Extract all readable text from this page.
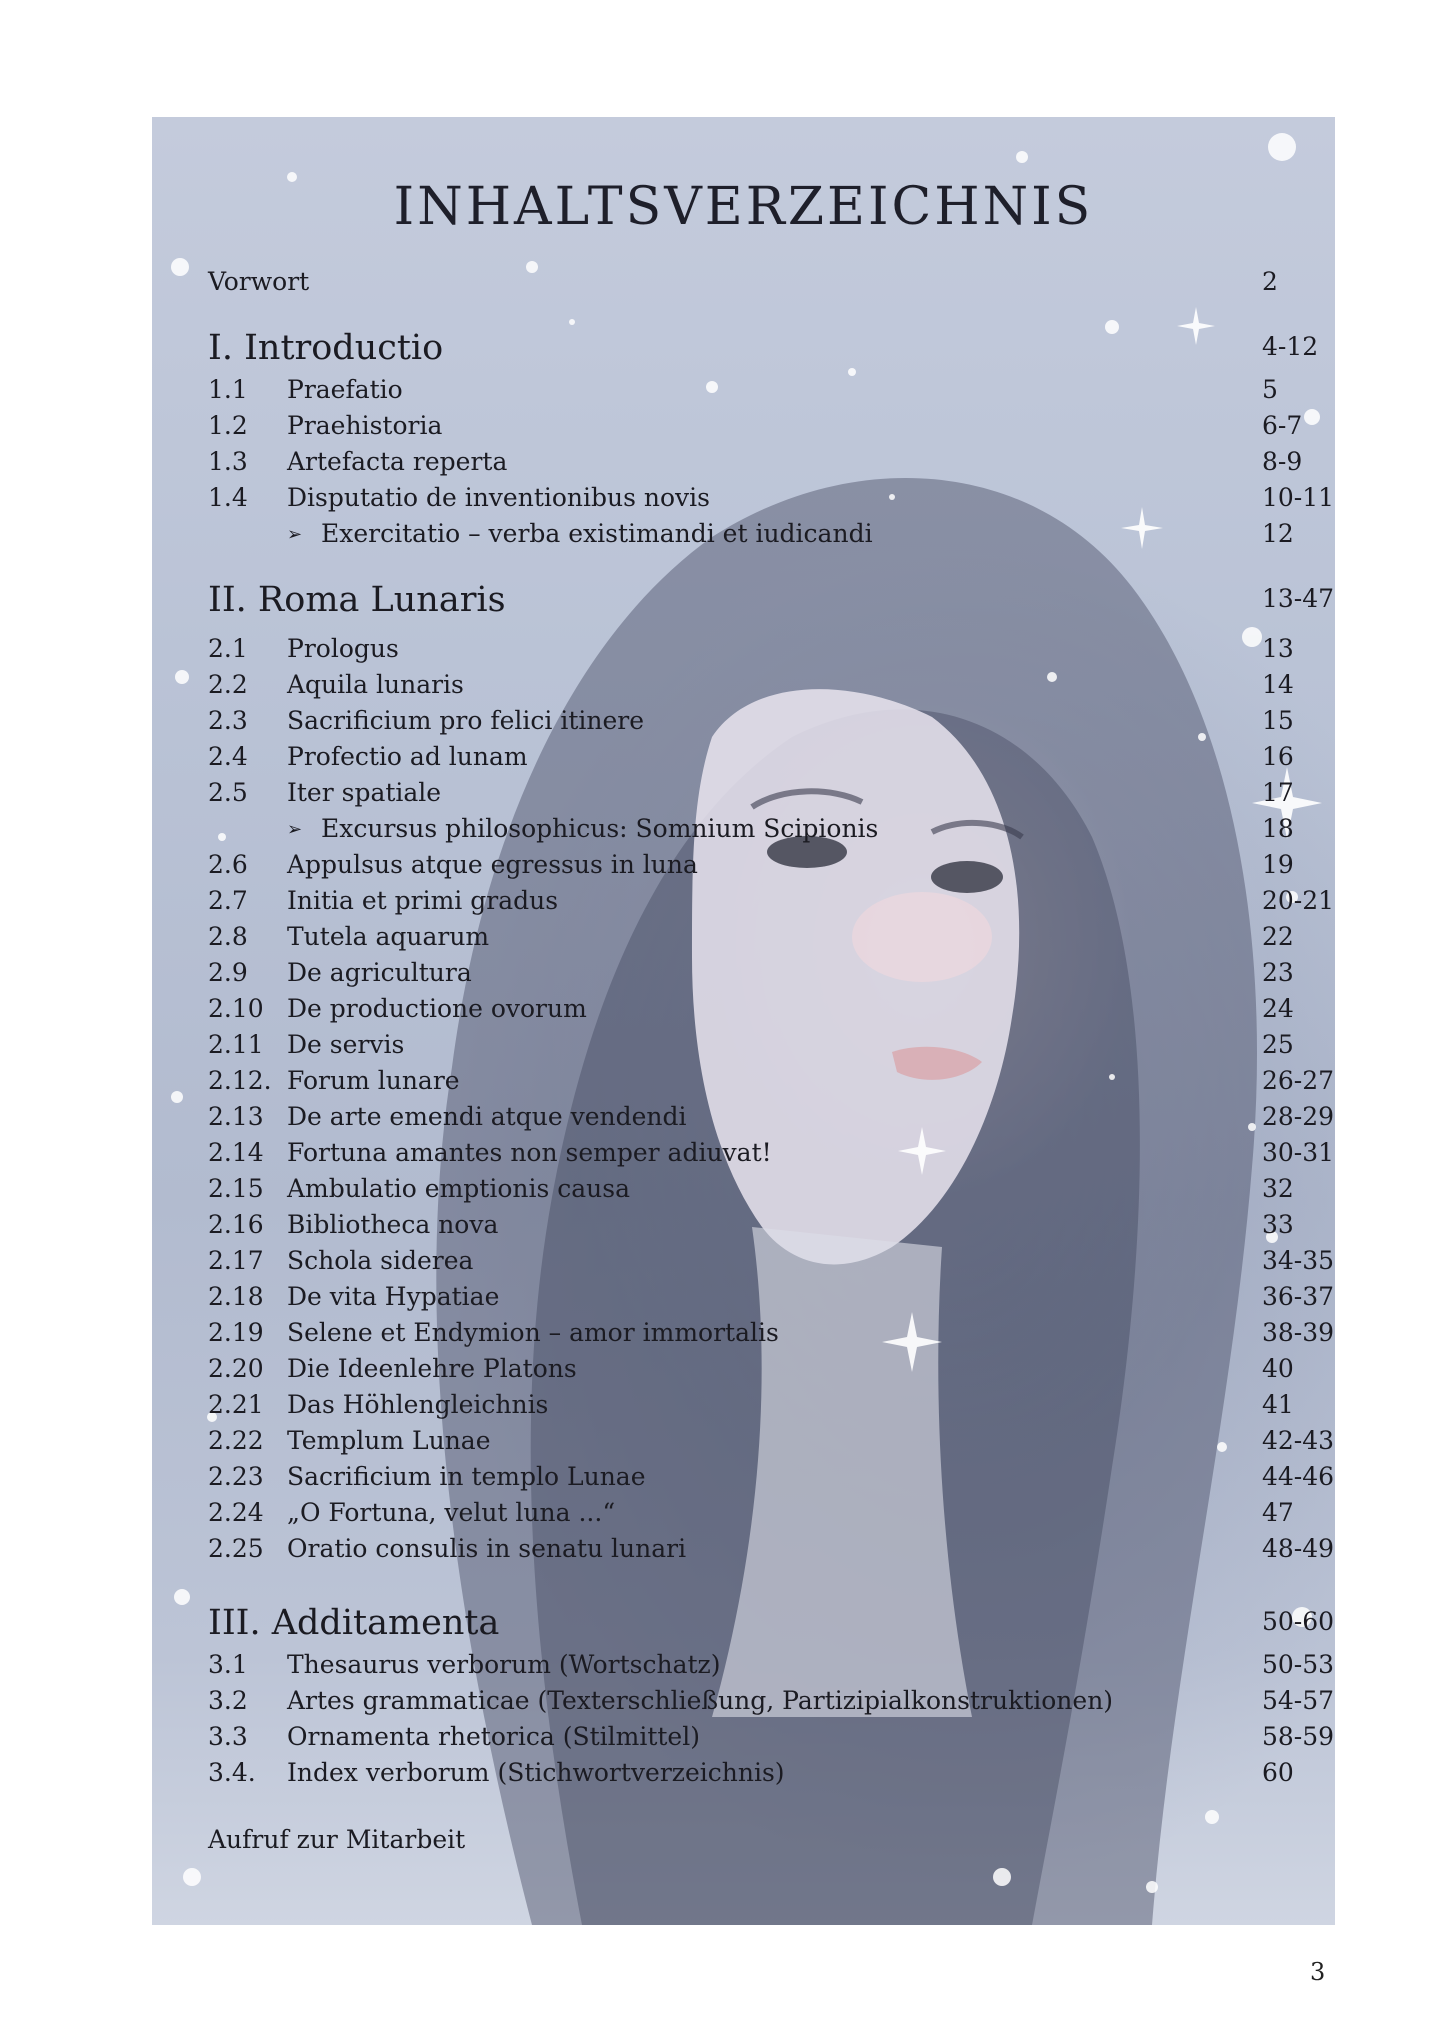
INHALTSVERZEICHNIS
Vorwort	2
I. Introductio	4-12
1.1 Praefatio	5
1.2 Praehistoria	6-7
1.3 Artefacta reperta	8-9
1.4 Disputatio de inventionibus novis	10-11
➢ Exercitatio – verba existimandi et iudicandi	12
II. Roma Lunaris	13-47
2.1 Prologus	13
2.2 Aquila lunaris	14
2.3 Sacrificium pro felici itinere	15
2.4 Profectio ad lunam	16
2.5 Iter spatiale	17
➢ Excursus philosophicus: Somnium Scipionis	18
2.6 Appulsus atque egressus in luna	19
2.7 Initia et primi gradus	20-21
2.8 Tutela aquarum	22
2.9 De agricultura	23
2.10 De productione ovorum	24
2.11 De servis	25
2.12. Forum lunare	26-27
2.13 De arte emendi atque vendendi	28-29
2.14 Fortuna amantes non semper adiuvat!	30-31
2.15 Ambulatio emptionis causa	32
2.16 Bibliotheca nova	33
2.17 Schola siderea	34-35
2.18 De vita Hypatiae	36-37
2.19 Selene et Endymion – amor immortalis	38-39
2.20 Die Ideenlehre Platons	40
2.21 Das Höhlengleichnis	41
2.22 Templum Lunae	42-43
2.23 Sacrificium in templo Lunae	44-46
2.24 „O Fortuna, velut luna ...“	47
2.25 Oratio consulis in senatu lunari	48-49
III. Additamenta	50-60
3.1 Thesaurus verborum (Wortschatz)	50-53
3.2 Artes grammaticae (Texterschließung, Partizipialkonstruktionen)	54-57
3.3 Ornamenta rhetorica (Stilmittel)	58-59
3.4. Index verborum (Stichwortverzeichnis)	60
Aufruf zur Mitarbeit
3
